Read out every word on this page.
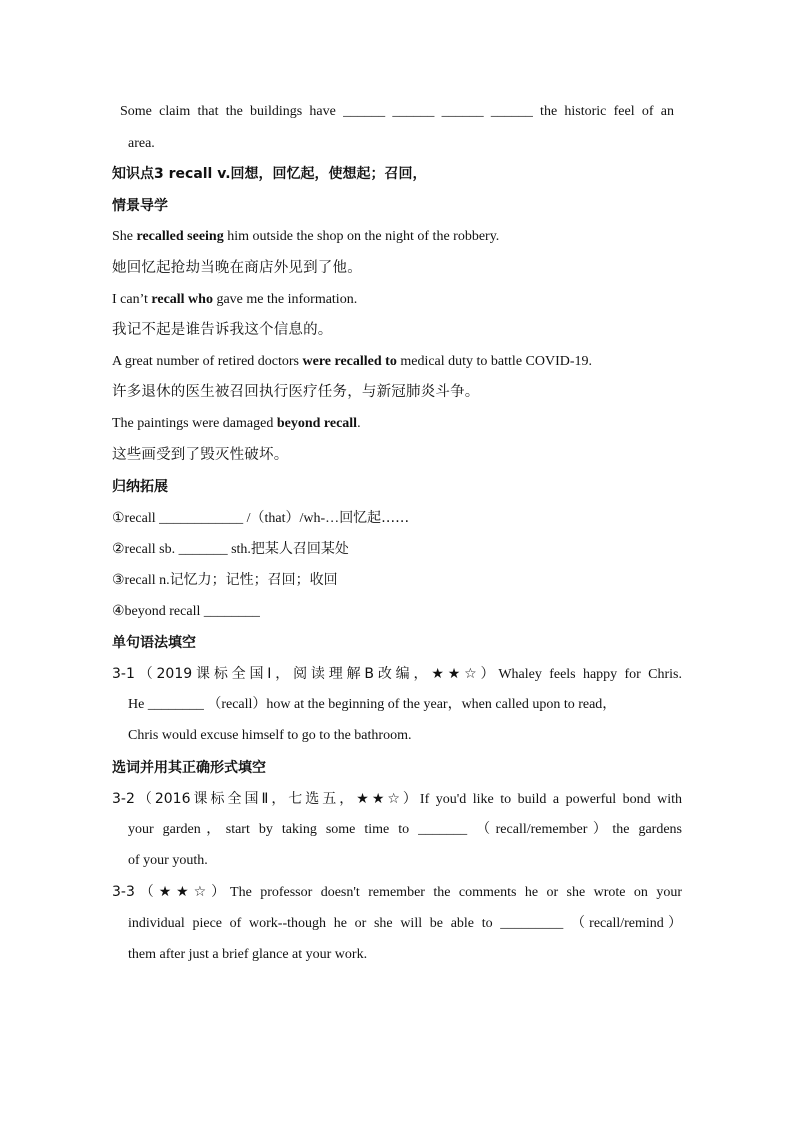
Some claim that the buildings have ______ ______ ______ ______ the historic feel of an
area.
知识点3 recall v.回想，回忆起，使想起；召回，
情景导学
She recalled seeing him outside the shop on the night of the robbery.
她回忆起抢劫当晚在商店外见到了他。
I can’t recall who gave me the information.
我记不起是谁告诉我这个信息的。
A great number of retired doctors were recalled to medical duty to battle COVID-19.
许多退休的医生被召回执行医疗任务，与新冠肺炎斗争。
The paintings were damaged beyond recall.
这些画受到了毁灭性破坏。
归纳拓展
①recall ____________ /（that）/wh-…回忆起……
②recall sb. _______ sth.把某人召回某处
③recall n.记忆力；记性；召回；收回
④beyond recall ________
单句语法填空
3-1（2019课标全国Ⅰ，阅读理解B改编，★★☆）Whaley feels happy for Chris.
He ________ （recall）how at the beginning of the year，when called upon to read，
Chris would excuse himself to go to the bathroom.
选词并用其正确形式填空
3-2（2016课标全国Ⅱ，七选五，★★☆）If you'd like to build a powerful bond with
your garden，start by taking some time to _______ （recall/remember）the gardens
of your youth.
3-3（★★☆）The professor doesn't remember the comments he or she wrote on your
individual piece of work--though he or she will be able to _________ （recall/remind）
them after just a brief glance at your work.
